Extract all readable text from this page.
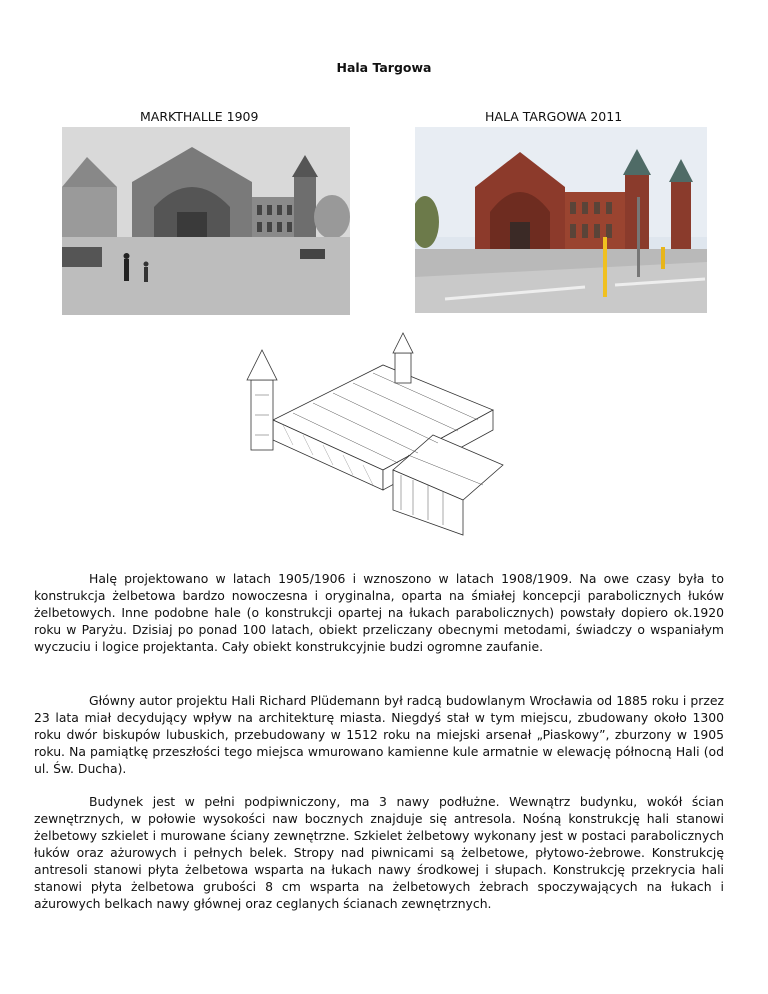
Hala Targowa
MARKTHALLE 1909	HALA TARGOWA 2011

Halę projektowano w latach 1905/1906 i wznoszono w latach 1908/1909. Na owe czasy była to konstrukcja żelbetowa bardzo nowoczesna i oryginalna, oparta na śmiałej koncepcji parabolicznych łuków żelbetowych. Inne podobne hale (o konstrukcji opartej na łukach parabolicznych) powstały dopiero ok.1920 roku w Paryżu. Dzisiaj po ponad 100 latach, obiekt przeliczany obecnymi metodami, świadczy o wspaniałym wyczuciu i logice projektanta. Cały obiekt konstrukcyjnie budzi ogromne zaufanie.

Główny autor projektu Hali Richard Plüdemann był radcą budowlanym Wrocławia od 1885 roku i przez 23 lata miał decydujący wpływ na architekturę miasta. Niegdyś stał w tym miejscu, zbudowany około 1300 roku dwór biskupów lubuskich, przebudowany w 1512 roku na miejski arsenał „Piaskowy”, zburzony w 1905 roku. Na pamiątkę przeszłości tego miejsca wmurowano kamienne kule armatnie w elewację północną Hali (od ul. Św. Ducha).

Budynek jest w pełni podpiwniczony, ma 3 nawy podłużne. Wewnątrz budynku, wokół ścian zewnętrznych, w połowie wysokości naw bocznych znajduje się antresola. Nośną konstrukcję hali stanowi żelbetowy szkielet i murowane ściany zewnętrzne. Szkielet żelbetowy wykonany jest w postaci parabolicznych łuków oraz ażurowych i pełnych belek. Stropy nad piwnicami są żelbetowe, płytowo-żebrowe. Konstrukcję antresoli stanowi płyta żelbetowa wsparta na łukach nawy środkowej i słupach. Konstrukcję przekrycia hali stanowi płyta żelbetowa grubości 8 cm wsparta na żelbetowych żebrach spoczywających na łukach i ażurowych belkach nawy głównej oraz ceglanych ścianach zewnętrznych.
